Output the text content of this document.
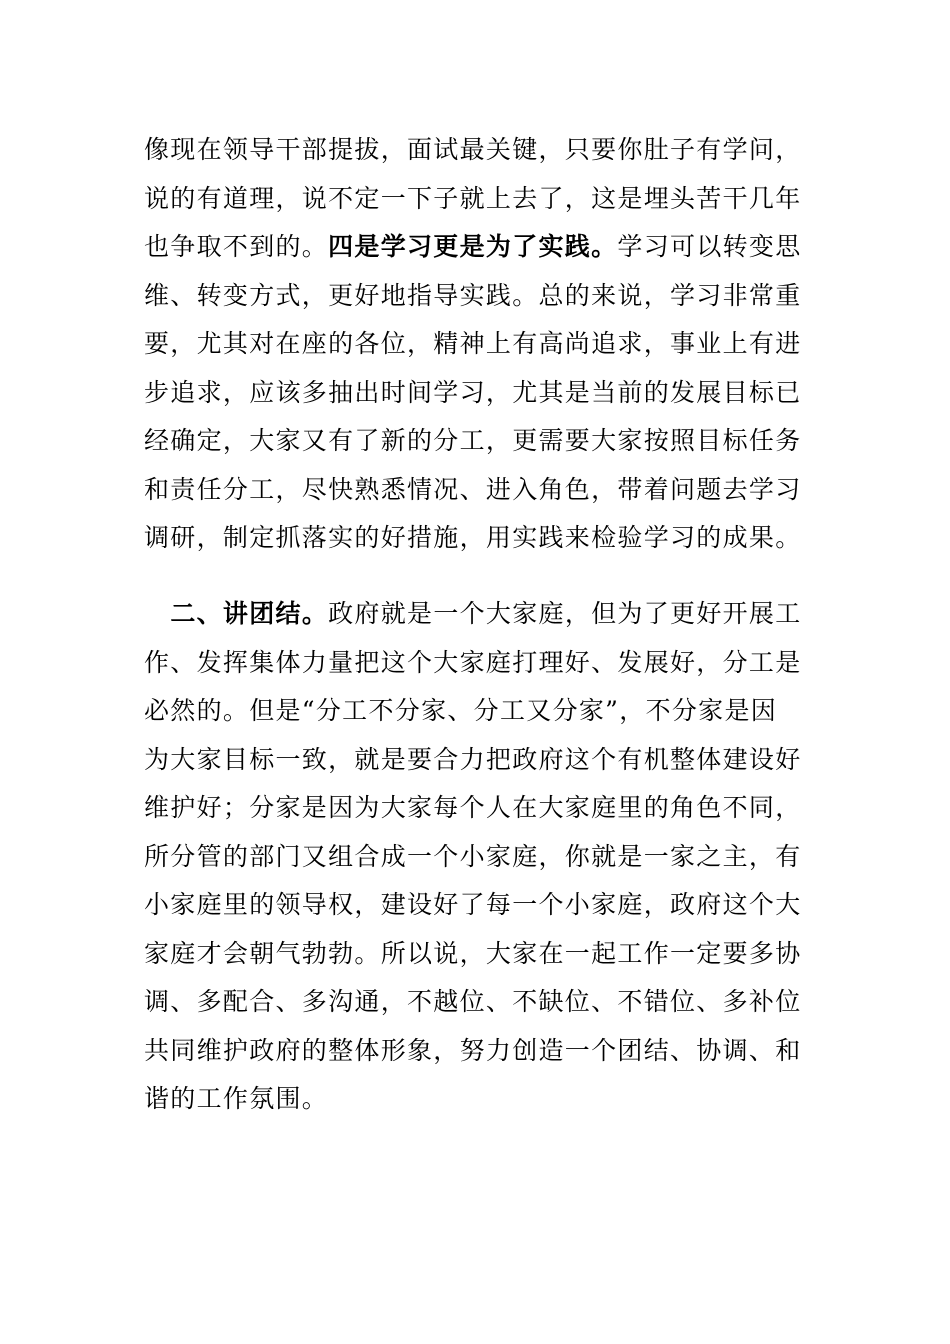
像现在领导干部提拔，面试最关键，只要你肚子有学问，
说的有道理，说不定一下子就上去了，这是埋头苦干几年
也争取不到的。四是学习更是为了实践。学习可以转变思
维、转变方式，更好地指导实践。总的来说，学习非常重
要，尤其对在座的各位，精神上有高尚追求，事业上有进
步追求，应该多抽出时间学习，尤其是当前的发展目标已
经确定，大家又有了新的分工，更需要大家按照目标任务
和责任分工，尽快熟悉情况、进入角色，带着问题去学习
调研，制定抓落实的好措施，用实践来检验学习的成果。
　二、讲团结。政府就是一个大家庭，但为了更好开展工
作、发挥集体力量把这个大家庭打理好、发展好，分工是
必然的。但是“分工不分家、分工又分家”，不分家是因
为大家目标一致，就是要合力把政府这个有机整体建设好
维护好；分家是因为大家每个人在大家庭里的角色不同，
所分管的部门又组合成一个小家庭，你就是一家之主，有
小家庭里的领导权，建设好了每一个小家庭，政府这个大
家庭才会朝气勃勃。所以说，大家在一起工作一定要多协
调、多配合、多沟通，不越位、不缺位、不错位、多补位
共同维护政府的整体形象，努力创造一个团结、协调、和
谐的工作氛围。
